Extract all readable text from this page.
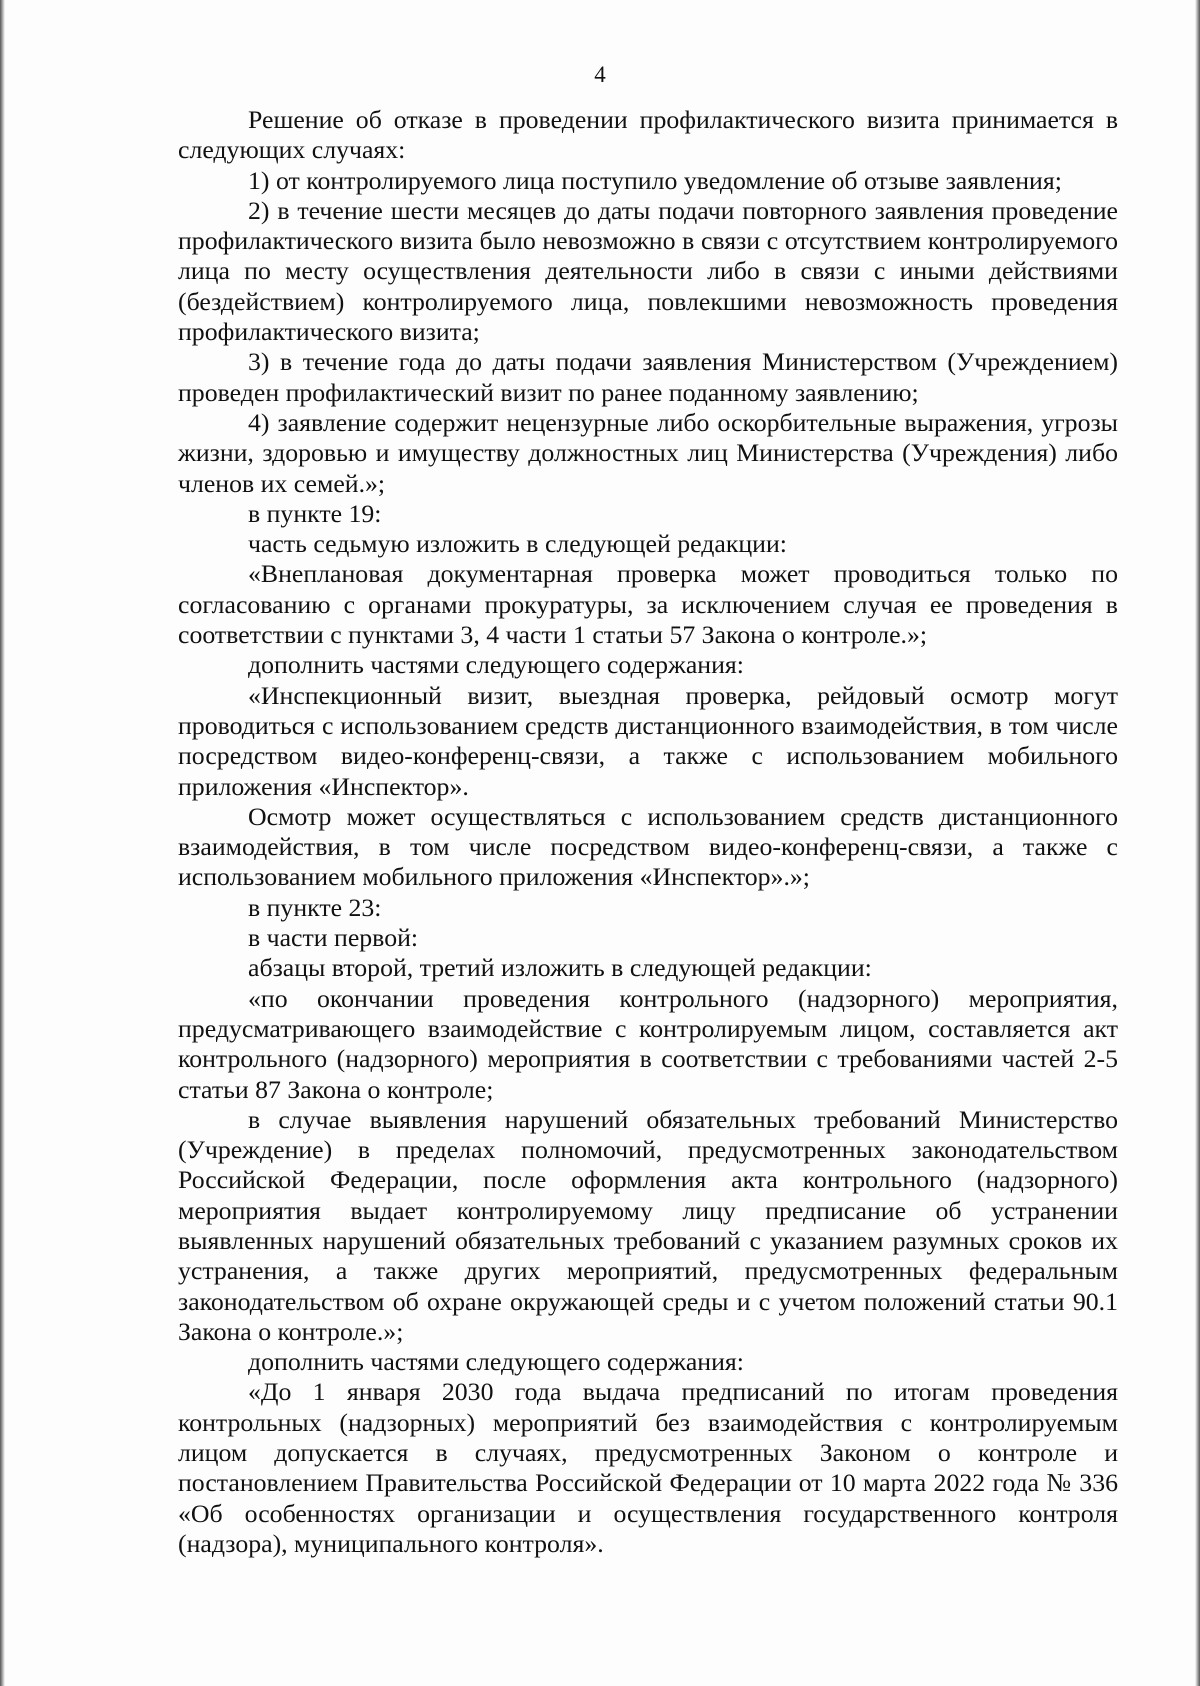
4

Решение об отказе в проведении профилактического визита принимается в следующих случаях:

1) от контролируемого лица поступило уведомление об отзыве заявления;

2) в течение шести месяцев до даты подачи повторного заявления проведение профилактического визита было невозможно в связи с отсутствием контролируемого лица по месту осуществления деятельности либо в связи с иными действиями (бездействием) контролируемого лица, повлекшими невозможность проведения профилактического визита;

3) в течение года до даты подачи заявления Министерством (Учреждением) проведен профилактический визит по ранее поданному заявлению;

4) заявление содержит нецензурные либо оскорбительные выражения, угрозы жизни, здоровью и имуществу должностных лиц Министерства (Учреждения) либо членов их семей.»;

в пункте 19:

часть седьмую изложить в следующей редакции:

«Внеплановая документарная проверка может проводиться только по согласованию с органами прокуратуры, за исключением случая ее проведения в соответствии с пунктами 3, 4 части 1 статьи 57 Закона о контроле.»;

дополнить частями следующего содержания:

«Инспекционный визит, выездная проверка, рейдовый осмотр могут проводиться с использованием средств дистанционного взаимодействия, в том числе посредством видео-конференц-связи, а также с использованием мобильного приложения «Инспектор».

Осмотр может осуществляться с использованием средств дистанционного взаимодействия, в том числе посредством видео-конференц-связи, а также с использованием мобильного приложения «Инспектор».»;

в пункте 23:

в части первой:

абзацы второй, третий изложить в следующей редакции:

«по окончании проведения контрольного (надзорного) мероприятия, предусматривающего взаимодействие с контролируемым лицом, составляется акт контрольного (надзорного) мероприятия в соответствии с требованиями частей 2-5 статьи 87 Закона о контроле;

в случае выявления нарушений обязательных требований Министерство (Учреждение) в пределах полномочий, предусмотренных законодательством Российской Федерации, после оформления акта контрольного (надзорного) мероприятия выдает контролируемому лицу предписание об устранении выявленных нарушений обязательных требований с указанием разумных сроков их устранения, а также других мероприятий, предусмотренных федеральным законодательством об охране окружающей среды и с учетом положений статьи 90.1 Закона о контроле.»;

дополнить частями следующего содержания:

«До 1 января 2030 года выдача предписаний по итогам проведения контрольных (надзорных) мероприятий без взаимодействия с контролируемым лицом допускается в случаях, предусмотренных Законом о контроле и постановлением Правительства Российской Федерации от 10 марта 2022 года № 336 «Об особенностях организации и осуществления государственного контроля (надзора), муниципального контроля».
